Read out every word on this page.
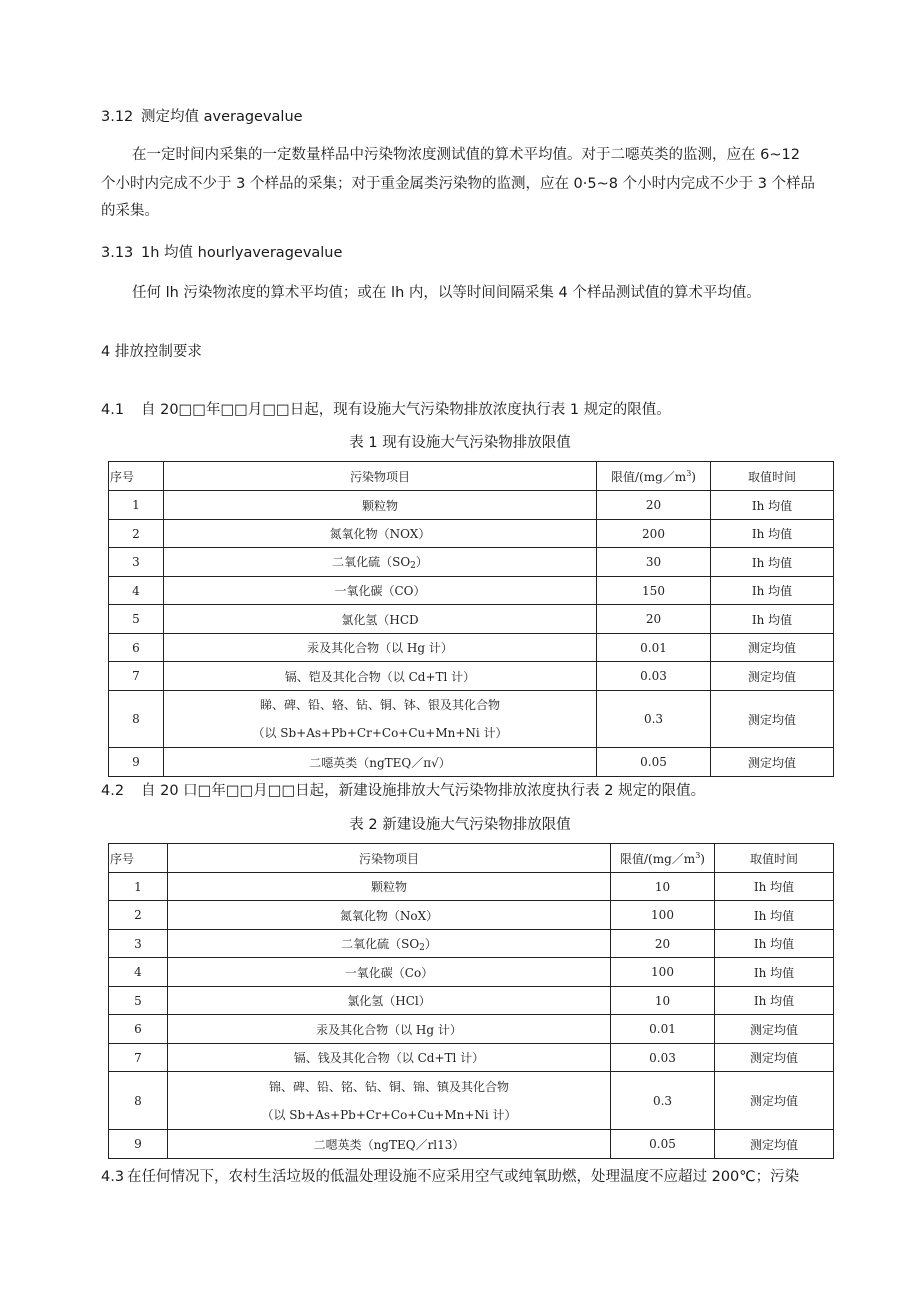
3.12 测定均值 averagevalue
在一定时间内采集的一定数量样品中污染物浓度测试值的算术平均值。对于二噁英类的监测，应在 6~12
个小时内完成不少于 3 个样品的采集；对于重金属类污染物的监测，应在 0·5~8 个小时内完成不少于 3 个样品
的采集。
3.13 1h 均值 hourlyaveragevalue
任何 lh 污染物浓度的算术平均值；或在 lh 内，以等时间间隔采集 4 个样品测试值的算术平均值。
4 排放控制要求
4.1 自 20□□年□□月□□日起，现有设施大气污染物排放浓度执行表 1 规定的限值。
表 1 现有设施大气污染物排放限值
序号	污染物项目	限值$/(mg/m^3)$	取值时间
1	颗粒物	20	Ih 均值
2	氮氧化物（NOX）	200	Ih 均值
3	二氧化硫$(SO_2)$	30	Ih 均值
4	一氧化碳（CO）	150	Ih 均值
5	氯化氢（HCD	20	Ih 均值
6	汞及其化合物（以 Hg 计）	0.01	测定均值
7	镉、铠及其化合物（以 Cd+Tl 计）	0.03	测定均值
8	睇、碑、铅、辂、钻、铜、钵、银及其化合物
（以 Sb+As+Pb+Cr+Co+Cu+Mn+Ni 计）	0.3	测定均值
9	二噁英类（ngTEQ／π√）	0.05	测定均值
4.2 自 20 口□年□□月□□日起，新建设施排放大气污染物排放浓度执行表 2 规定的限值。
表 2 新建设施大气污染物排放限值
序号	污染物项目	限值$/(mg/m^3)$	取值时间
1	颗粒物	10	Ih 均值
2	氮氧化物（NoX）	100	Ih 均值
3	二氧化硫$(SO_2)$	20	Ih 均值
4	一氧化碳（Co）	100	Ih 均值
5	氯化氢（HCl）	10	Ih 均值
6	汞及其化合物（以 Hg 计）	0.01	测定均值
7	镉、钱及其化合物（以 Cd+Tl 计）	0.03	测定均值
8	锦、碑、铅、铭、钻、铜、锦、镇及其化合物
（以 Sb+As+Pb+Cr+Co+Cu+Mn+Ni 计）	0.3	测定均值
9	二嗯英类（ngTEQ／rl13）	0.05	测定均值
4.3 在任何情况下，农村生活垃圾的低温处理设施不应采用空气或纯氧助燃，处理温度不应超过 200℃；污染
